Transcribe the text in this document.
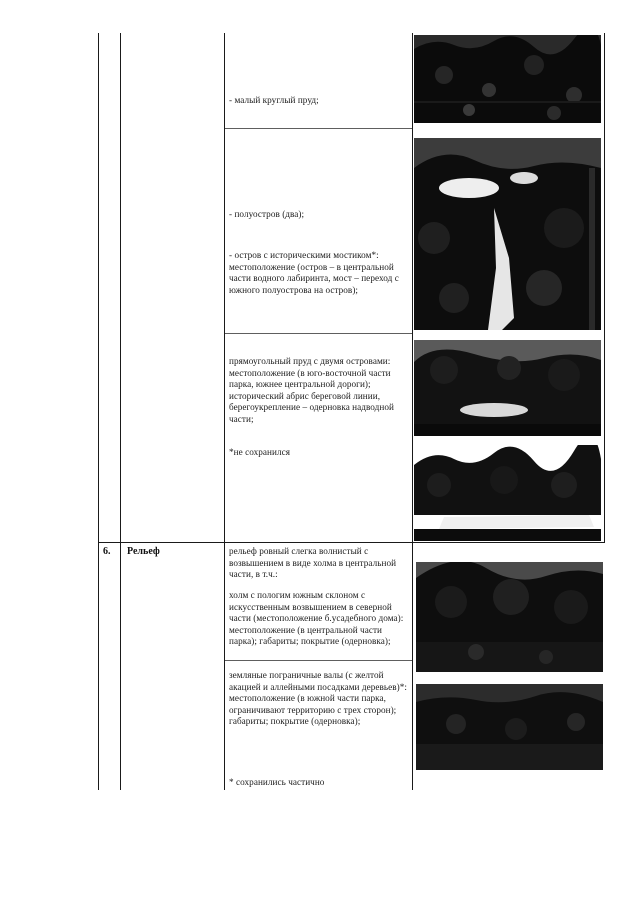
6. Рельеф
- малый круглый пруд;
- полуостров (два);
- остров с историческими мостиком*: местоположение (остров – в центральной части водного лабиринта, мост – переход с южного полуострова на остров);
прямоугольный пруд с двумя островами: местоположение (в юго-восточной части парка, южнее центральной дороги); исторический абрис береговой линии, берегоукрепление – одерновка надводной части;
*не сохранился
рельеф ровный слегка волнистый с возвышением в виде холма в центральной части, в т.ч.:
холм с пологим южным склоном с искусственным возвышением в северной части (местоположение б.усадебного дома): местоположение (в центральной части парка); габариты; покрытие (одерновка);
земляные пограничные валы (с желтой акацией и аллейными посадками деревьев)*: местоположение (в южной части парка, ограничивают территорию с трех сторон); габариты; покрытие (одерновка);
* сохранились частично
